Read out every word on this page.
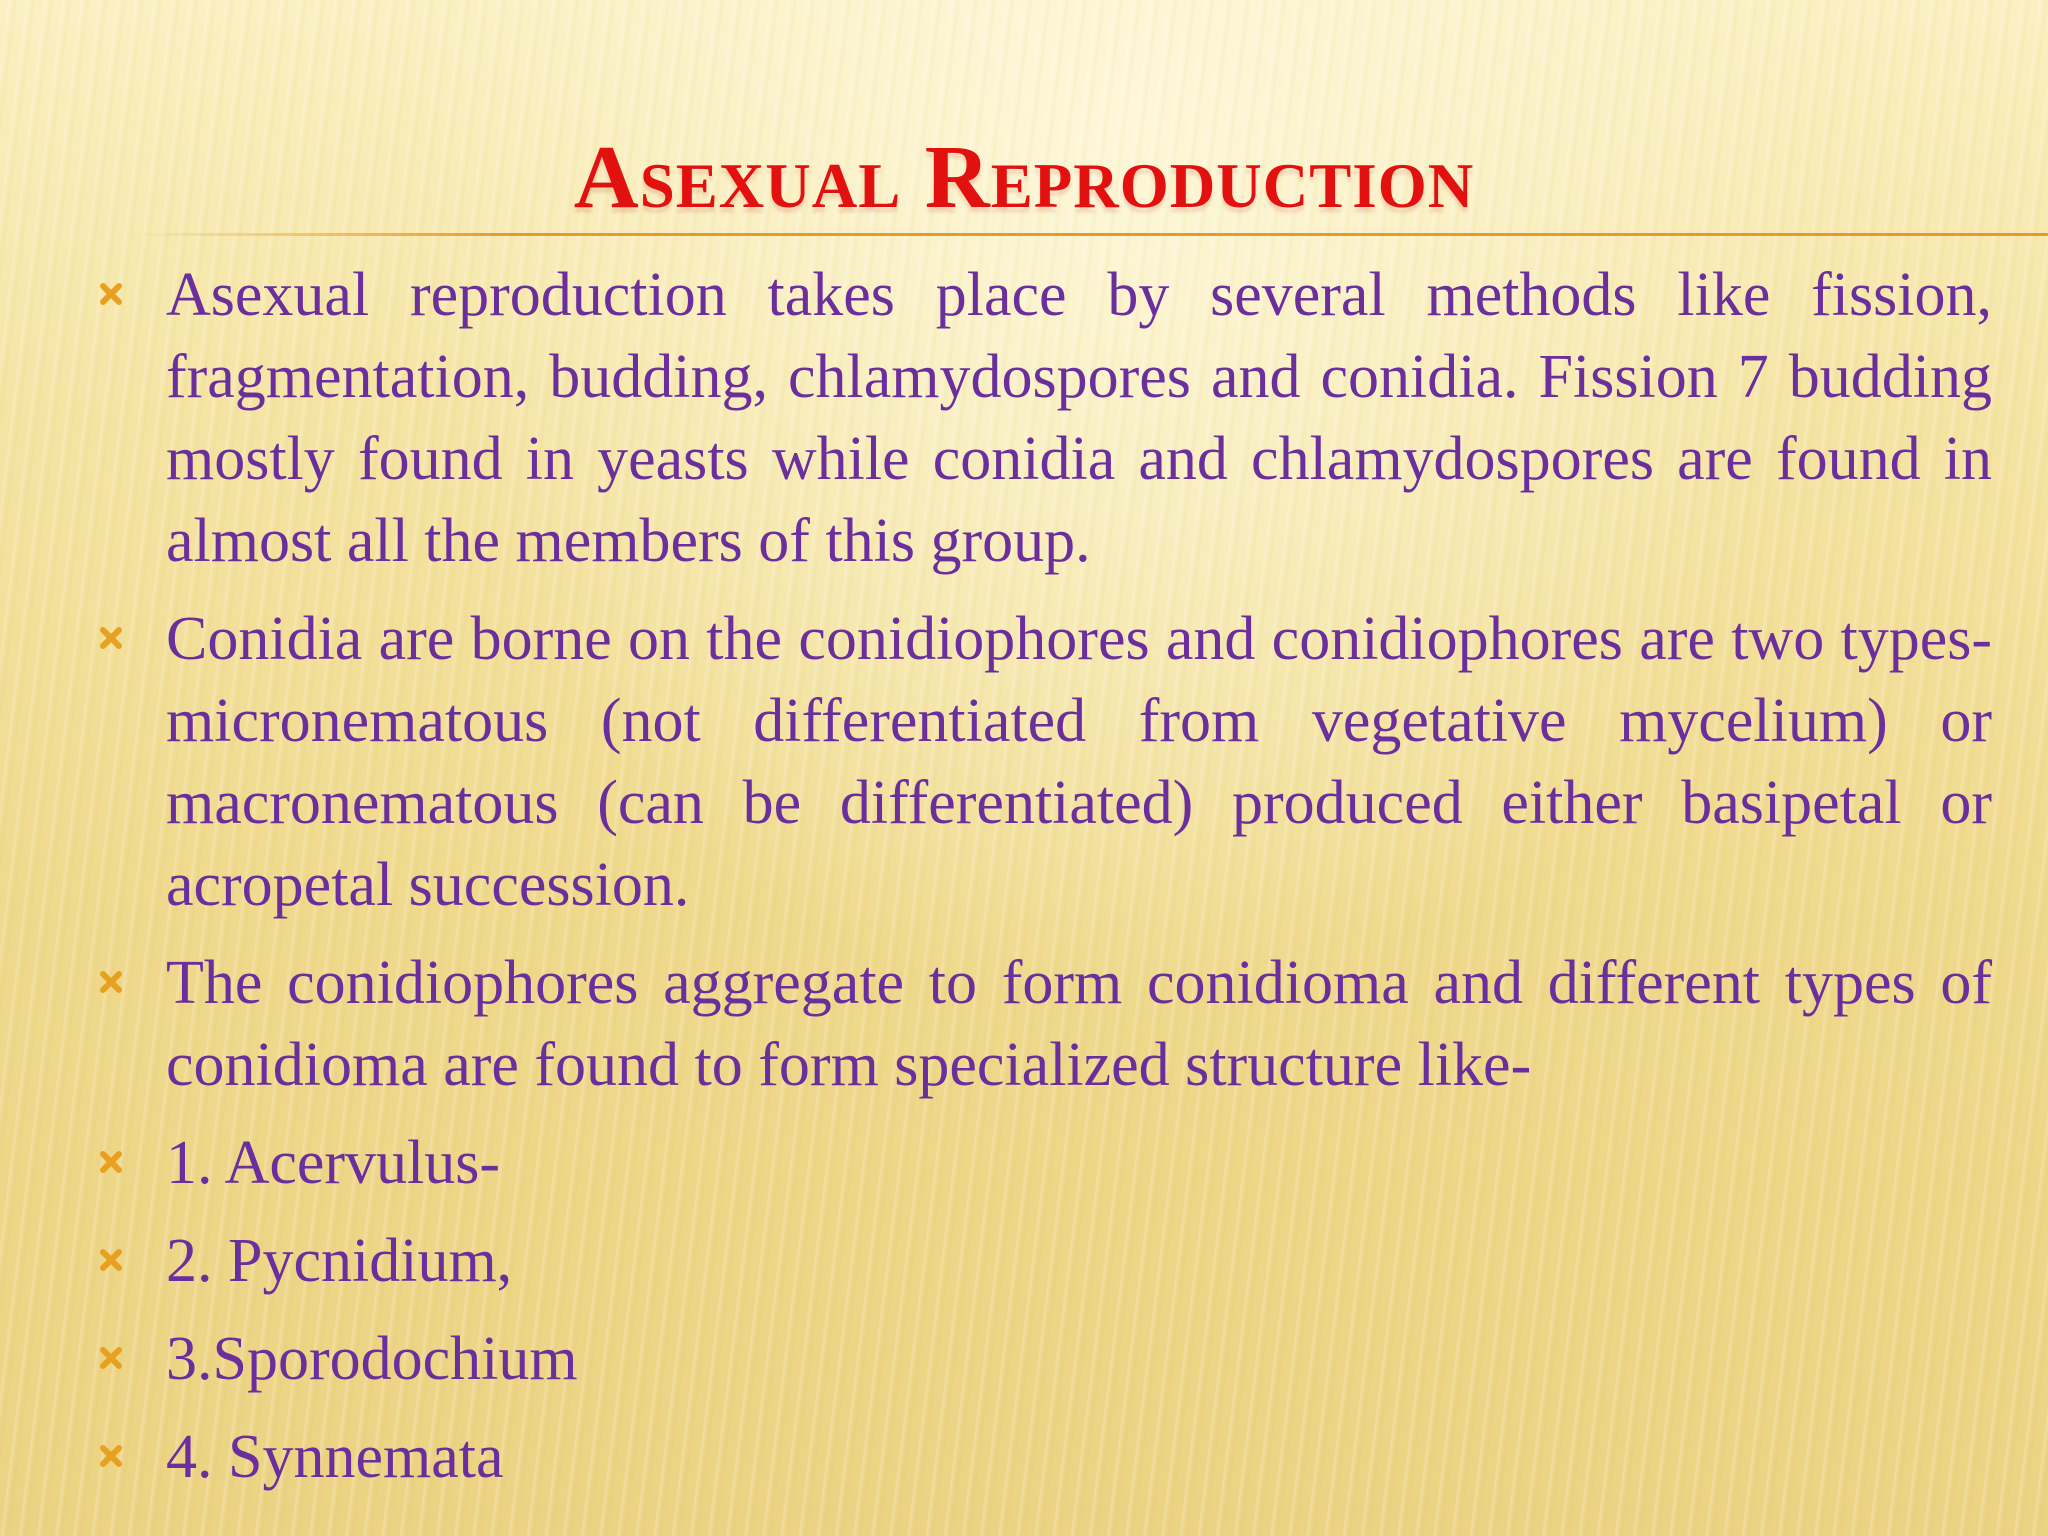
Asexual Reproduction
Asexual reproduction takes place by several methods like fission, fragmentation, budding, chlamydospores and conidia. Fission 7 budding mostly found in yeasts while conidia and chlamydospores are found in almost all the members of this group.
Conidia are borne on the conidiophores and conidiophores are two types- micronematous (not differentiated from vegetative mycelium) or macronematous (can be differentiated) produced either basipetal or acropetal succession.
The conidiophores aggregate to form conidioma and different types of conidioma are found to form specialized structure like-
1. Acervulus-
2. Pycnidium,
3.Sporodochium
4. Synnemata
